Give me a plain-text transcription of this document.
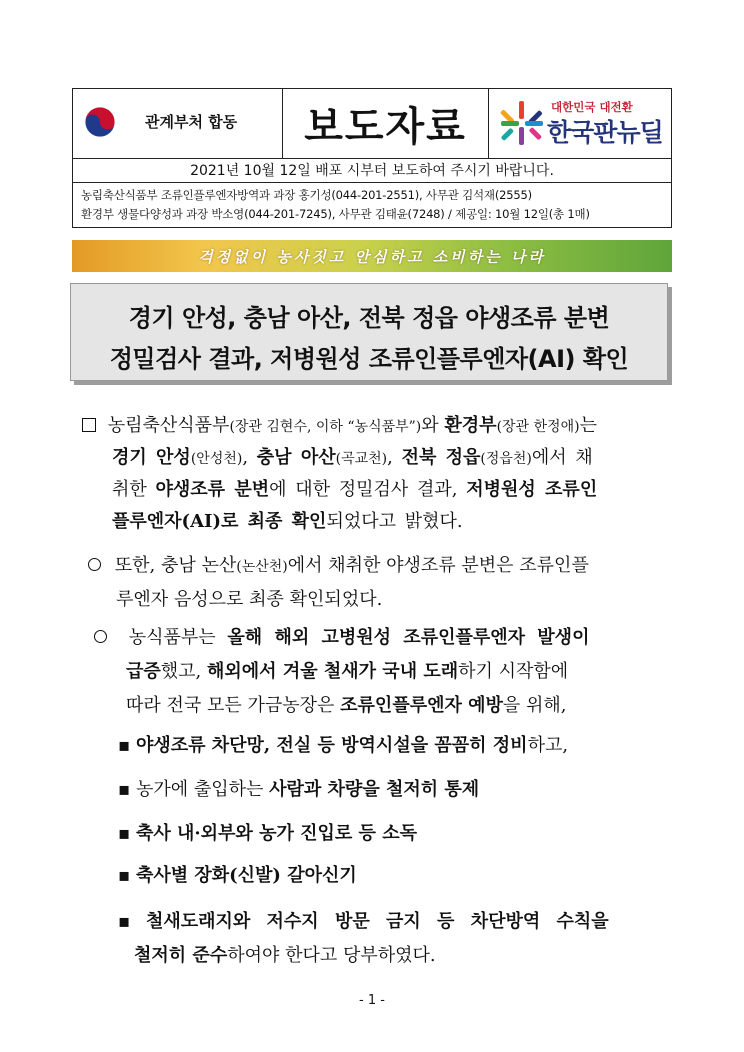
관계부처 합동 보도자료	대한민국 대전환
한국판뉴딜
2021년 10월 12일 배포 시부터 보도하여 주시기 바랍니다.
농림축산식품부 조류인플루엔자방역과 과장 홍기성(044-201-2551), 사무관 김석재(2555)
환경부 생물다양성과 과장 박소영(044-201-7245), 사무관 김태윤(7248) / 제공일: 10월 12일(총 1매)
걱정없이 농사짓고 안심하고 소비하는 나라
경기 안성, 충남 아산, 전북 정읍 야생조류 분변
정밀검사 결과, 저병원성 조류인플루엔자(AI) 확인
농림축산식품부(장관 김현수, 이하 “농식품부”)와 환경부(장관 한정애)는
경기 안성(안성천), 충남 아산(곡교천), 전북 정읍(정읍천)에서 채
취한 야생조류 분변에 대한 정밀검사 결과, 저병원성 조류인
플루엔자(AI)로 최종 확인되었다고 밝혔다.
또한, 충남 논산(논산천)에서 채취한 야생조류 분변은 조류인플
루엔자 음성으로 최종 확인되었다.
농식품부는 올해 해외 고병원성 조류인플루엔자 발생이
급증했고, 해외에서 겨울 철새가 국내 도래하기 시작함에
따라 전국 모든 가금농장은 조류인플루엔자 예방을 위해,
▪ 야생조류 차단망, 전실 등 방역시설을 꼼꼼히 정비하고,
▪ 농가에 출입하는 사람과 차량을 철저히 통제
▪ 축사 내·외부와 농가 진입로 등 소독
▪ 축사별 장화(신발) 갈아신기
▪ 철새도래지와 저수지 방문 금지 등 차단방역 수칙을
철저히 준수하여야 한다고 당부하였다.
- 1 -
